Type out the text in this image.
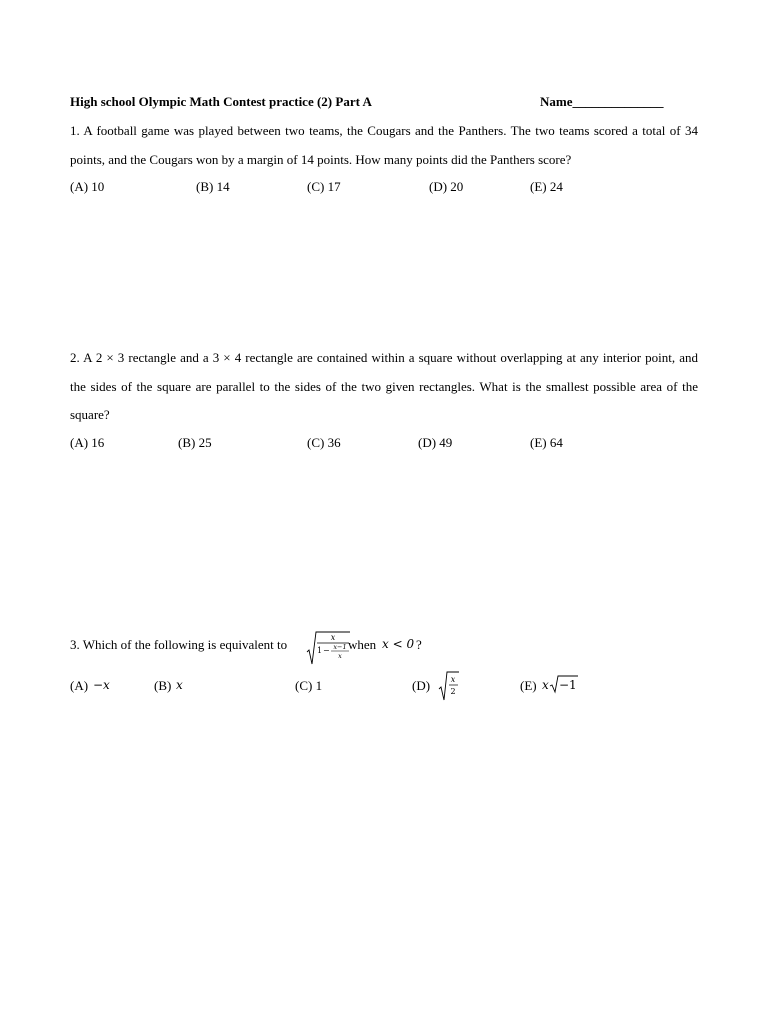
High school Olympic Math Contest practice (2) Part A	Name______________
1. A football game was played between two teams, the Cougars and the Panthers. The two teams scored a total of 34 points, and the Cougars won by a margin of 14 points. How many points did the Panthers score?
(A) 10	(B) 14	(C) 17	(D) 20	(E) 24
2. A 2 × 3 rectangle and a 3 × 4 rectangle are contained within a square without overlapping at any interior point, and the sides of the square are parallel to the sides of the two given rectangles. What is the smallest possible area of the square?
(A) 16	(B) 25	(C) 36	(D) 49	(E) 64
3. Which of the following is equivalent to	x
1 − x−1
x
when x < 0 ?
(A) −x	(B) x	(C) 1	(D)	x
2	(E) x −1
